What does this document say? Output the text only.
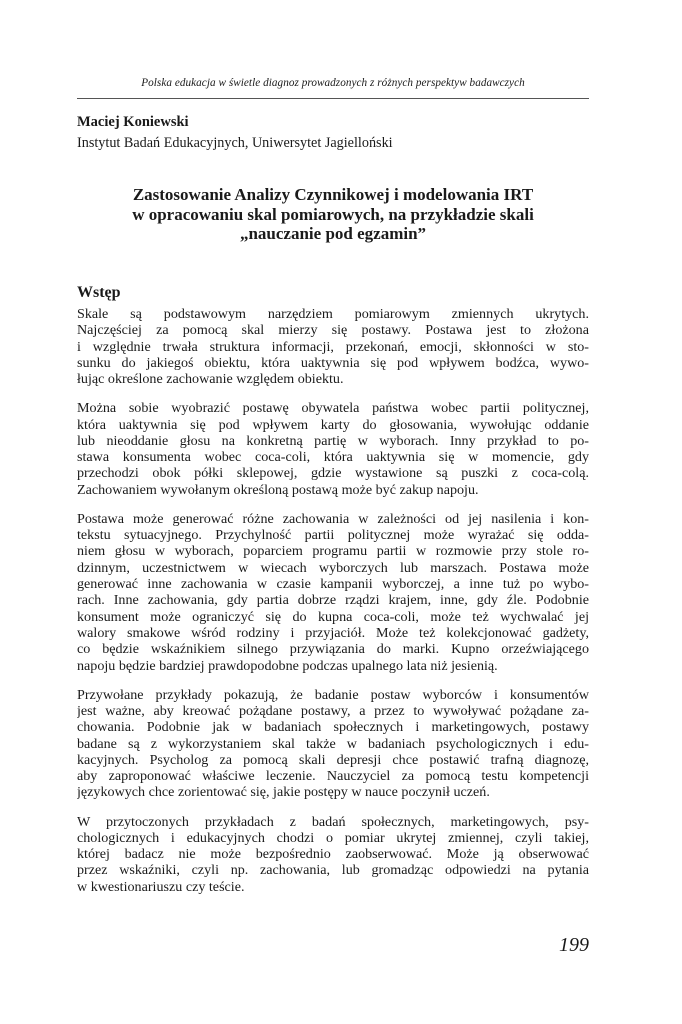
Polska edukacja w świetle diagnoz prowadzonych z różnych perspektyw badawczych
Maciej Koniewski
Instytut Badań Edukacyjnych, Uniwersytet Jagielloński
Zastosowanie Analizy Czynnikowej i modelowania IRT
w opracowaniu skal pomiarowych, na przykładzie skali
„nauczanie pod egzamin”
Wstęp
Skale są podstawowym narzędziem pomiarowym zmiennych ukrytych.
Najczęściej za pomocą skal mierzy się postawy. Postawa jest to złożona
i względnie trwała struktura informacji, przekonań, emocji, skłonności w sto-
sunku do jakiegoś obiektu, która uaktywnia się pod wpływem bodźca, wywo-
łując określone zachowanie względem obiektu.
Można sobie wyobrazić postawę obywatela państwa wobec partii politycznej,
która uaktywnia się pod wpływem karty do głosowania, wywołując oddanie
lub nieoddanie głosu na konkretną partię w wyborach. Inny przykład to po-
stawa konsumenta wobec coca-coli, która uaktywnia się w momencie, gdy
przechodzi obok półki sklepowej, gdzie wystawione są puszki z coca-colą.
Zachowaniem wywołanym określoną postawą może być zakup napoju.
Postawa może generować różne zachowania w zależności od jej nasilenia i kon-
tekstu sytuacyjnego. Przychylność partii politycznej może wyrażać się odda-
niem głosu w wyborach, poparciem programu partii w rozmowie przy stole ro-
dzinnym, uczestnictwem w wiecach wyborczych lub marszach. Postawa może
generować inne zachowania w czasie kampanii wyborczej, a inne tuż po wybo-
rach. Inne zachowania, gdy partia dobrze rządzi krajem, inne, gdy źle. Podobnie
konsument może ograniczyć się do kupna coca-coli, może też wychwalać jej
walory smakowe wśród rodziny i przyjaciół. Może też kolekcjonować gadżety,
co będzie wskaźnikiem silnego przywiązania do marki. Kupno orzeźwiającego
napoju będzie bardziej prawdopodobne podczas upalnego lata niż jesienią.
Przywołane przykłady pokazują, że badanie postaw wyborców i konsumentów
jest ważne, aby kreować pożądane postawy, a przez to wywoływać pożądane za-
chowania. Podobnie jak w badaniach społecznych i marketingowych, postawy
badane są z wykorzystaniem skal także w badaniach psychologicznych i edu-
kacyjnych. Psycholog za pomocą skali depresji chce postawić trafną diagnozę,
aby zaproponować właściwe leczenie. Nauczyciel za pomocą testu kompetencji
językowych chce zorientować się, jakie postępy w nauce poczynił uczeń.
W przytoczonych przykładach z badań społecznych, marketingowych, psy-
chologicznych i edukacyjnych chodzi o pomiar ukrytej zmiennej, czyli takiej,
której badacz nie może bezpośrednio zaobserwować. Może ją obserwować
przez wskaźniki, czyli np. zachowania, lub gromadząc odpowiedzi na pytania
w kwestionariuszu czy teście.
199
